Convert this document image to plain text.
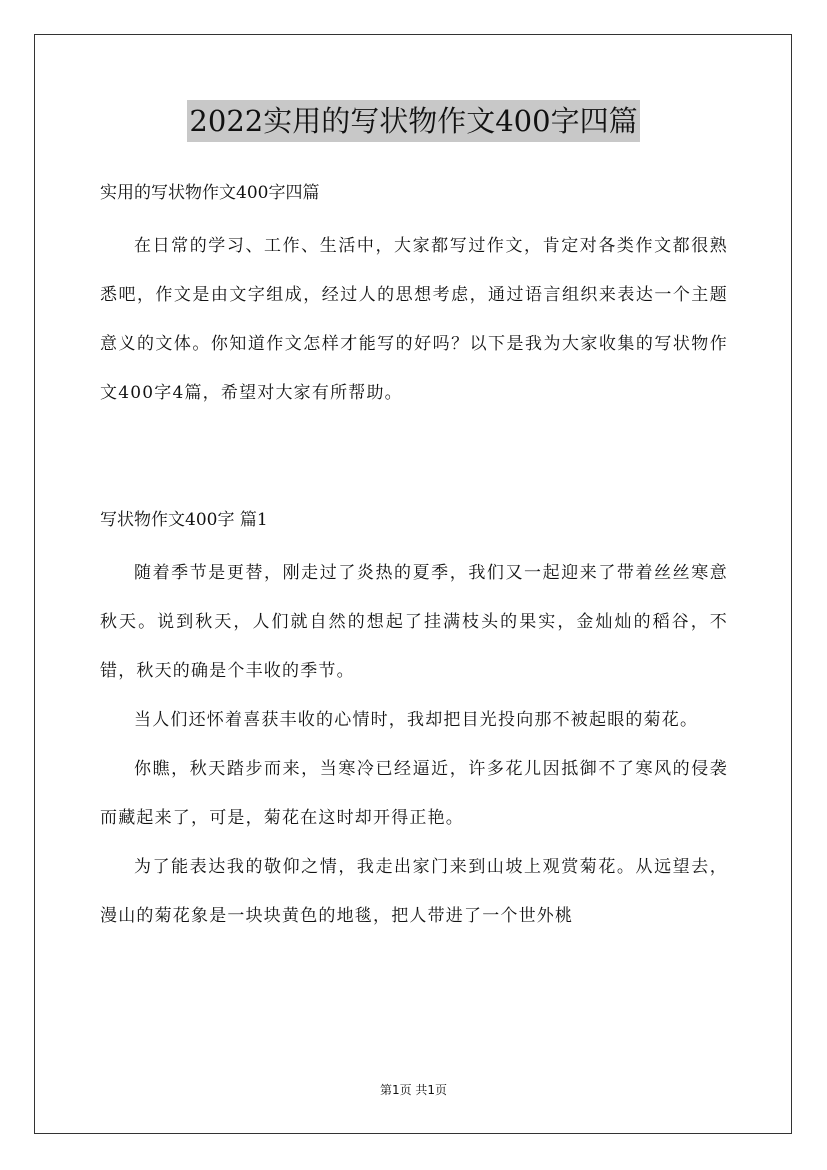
2022实用的写状物作文400字四篇
实用的写状物作文400字四篇

在日常的学习、工作、生活中，大家都写过作文，肯定对各类作文都很熟悉吧，作文是由文字组成，经过人的思想考虑，通过语言组织来表达一个主题意义的文体。你知道作文怎样才能写的好吗？以下是我为大家收集的写状物作文400字4篇，希望对大家有所帮助。

写状物作文400字 篇1

随着季节是更替，刚走过了炎热的夏季，我们又一起迎来了带着丝丝寒意秋天。说到秋天，人们就自然的想起了挂满枝头的果实，金灿灿的稻谷，不错，秋天的确是个丰收的季节。

当人们还怀着喜获丰收的心情时，我却把目光投向那不被起眼的菊花。

你瞧，秋天踏步而来，当寒冷已经逼近，许多花儿因抵御不了寒风的侵袭而藏起来了，可是，菊花在这时却开得正艳。

为了能表达我的敬仰之情，我走出家门来到山坡上观赏菊花。从远望去，漫山的菊花象是一块块黄色的地毯，把人带进了一个世外桃

第1页 共1页
